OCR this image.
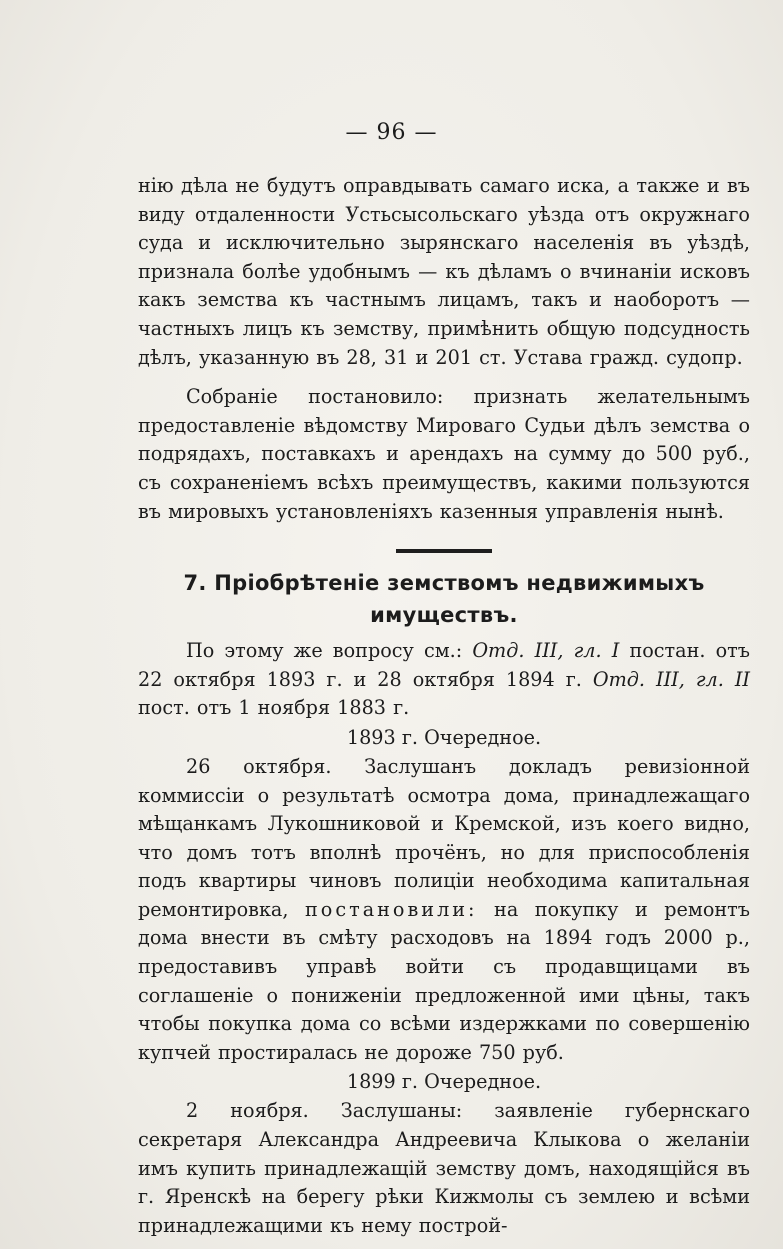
— 96 —

нію дѣла не будутъ оправдывать самаго иска, а также и въ виду отдаленности Устьсысольскаго уѣзда отъ окружнаго суда и исключительно зырянскаго населенія въ уѣздѣ, признала болѣе удобнымъ — къ дѣламъ о вчинаніи исковъ какъ земства къ частнымъ лицамъ, такъ и наоборотъ — частныхъ лицъ къ земству, примѣнить общую подсудность дѣлъ, указанную въ 28, 31 и 201 ст. Устава гражд. судопр.

Собраніе постановило: признать желательнымъ предоставленіе вѣдомству Мироваго Судьи дѣлъ земства о подрядахъ, поставкахъ и арендахъ на сумму до 500 руб., съ сохраненіемъ всѣхъ преимуществъ, какими пользуются въ мировыхъ установленіяхъ казенныя управленія нынѣ.

7. Пріобрѣтеніе земствомъ недвижимыхъ имуществъ.

По этому же вопросу см.: Отд. III, гл. I постан. отъ 22 октября 1893 г. и 28 октября 1894 г. Отд. III, гл. II пост. отъ 1 ноября 1883 г.

1893 г. Очередное.

26 октября. Заслушанъ докладъ ревизіонной коммиссіи о результатѣ осмотра дома, принадлежащаго мѣщанкамъ Лукошниковой и Кремской, изъ коего видно, что домъ тотъ вполнѣ прочёнъ, но для приспособленія подъ квартиры чиновъ полиціи необходима капитальная ремонтировка, постановили: на покупку и ремонтъ дома внести въ смѣту расходовъ на 1894 годъ 2000 р., предоставивъ управѣ войти съ продавщицами въ соглашеніе о пониженіи предложенной ими цѣны, такъ чтобы покупка дома со всѣми издержками по совершенію купчей простиралась не дороже 750 руб.

1899 г. Очередное.

2 ноября. Заслушаны: заявленіе губернскаго секретаря Александра Андреевича Клыкова о желаніи имъ купить принадлежащій земству домъ, находящійся въ г. Яренскѣ на берегу рѣки Кижмолы съ землею и всѣми принадлежащими къ нему построй-
